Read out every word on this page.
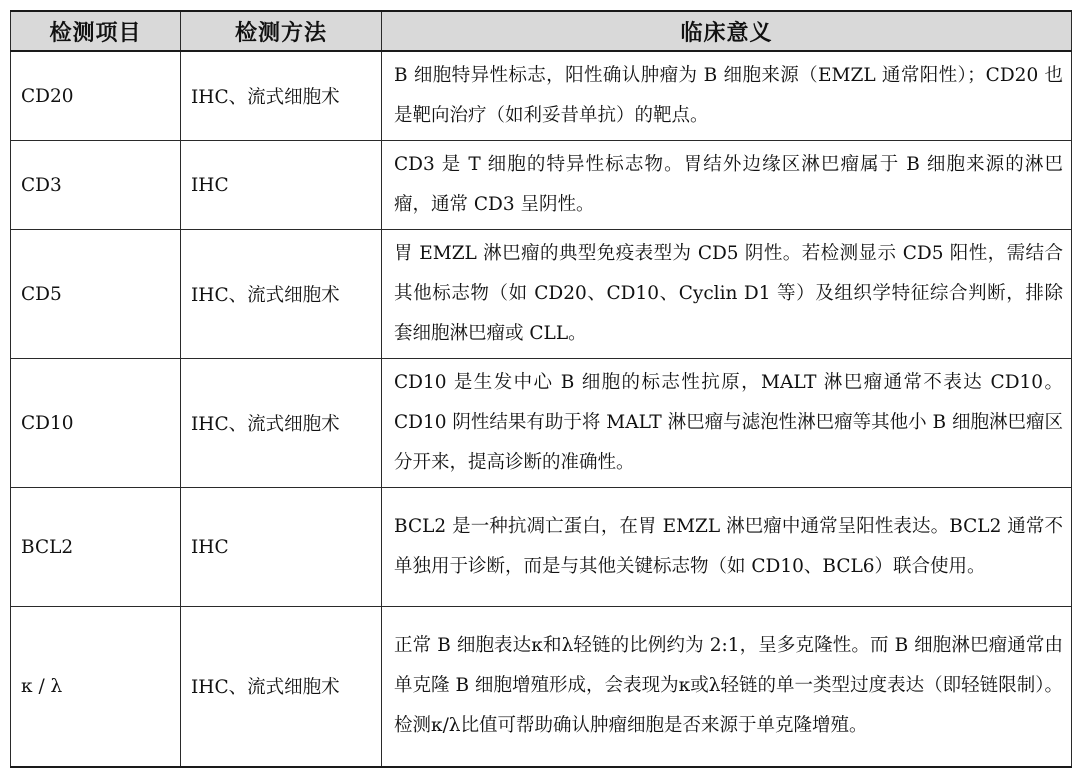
检测项目	检测方法	临床意义
CD20	IHC、流式细胞术	B 细胞特异性标志，阳性确认肿瘤为 B 细胞来源（EMZL 通常阳性）；CD20 也是靶向治疗（如利妥昔单抗）的靶点。
CD3	IHC	CD3 是 T 细胞的特异性标志物。胃结外边缘区淋巴瘤属于 B 细胞来源的淋巴瘤，通常 CD3 呈阴性。
CD5	IHC、流式细胞术	胃 EMZL 淋巴瘤的典型免疫表型为 CD5 阴性。若检测显示 CD5 阳性，需结合其他标志物（如 CD20、CD10、Cyclin D1 等）及组织学特征综合判断，排除套细胞淋巴瘤或 CLL。
CD10	IHC、流式细胞术	CD10 是生发中心 B 细胞的标志性抗原，MALT 淋巴瘤通常不表达 CD10。CD10 阴性结果有助于将 MALT 淋巴瘤与滤泡性淋巴瘤等其他小 B 细胞淋巴瘤区分开来，提高诊断的准确性。
BCL2	IHC	BCL2 是一种抗凋亡蛋白，在胃 EMZL 淋巴瘤中通常呈阳性表达。BCL2 通常不单独用于诊断，而是与其他关键标志物（如 CD10、BCL6）联合使用。
κ / λ	IHC、流式细胞术	正常 B 细胞表达κ和λ轻链的比例约为 2:1，呈多克隆性。而 B 细胞淋巴瘤通常由单克隆 B 细胞增殖形成，会表现为κ或λ轻链的单一类型过度表达（即轻链限制）。检测κ/λ比值可帮助确认肿瘤细胞是否来源于单克隆增殖。
